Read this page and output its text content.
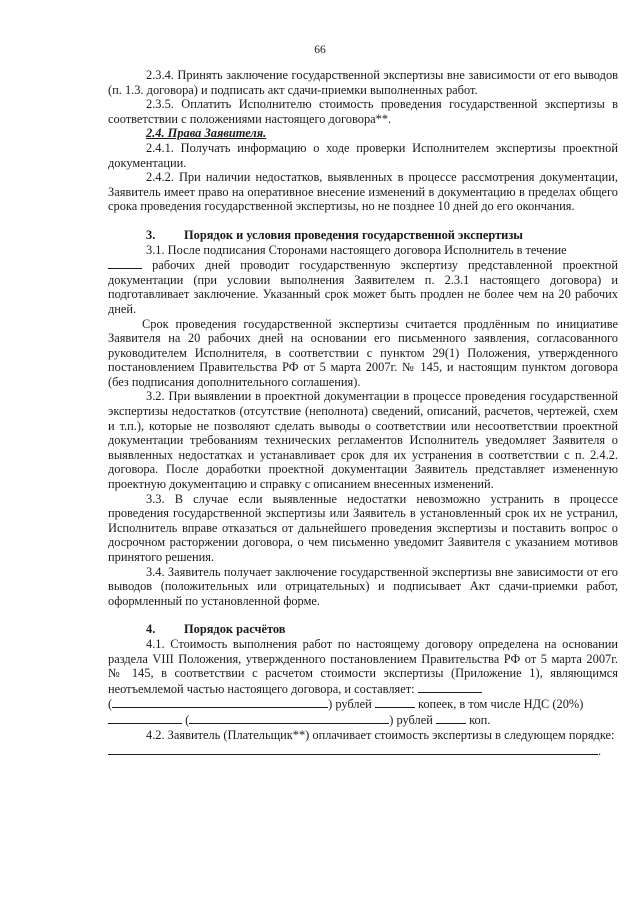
66

2.3.4. Принять заключение государственной экспертизы вне зависимости от его выводов (п. 1.3. договора) и подписать акт сдачи-приемки выполненных работ.

2.3.5. Оплатить Исполнителю стоимость проведения государственной экспертизы в соответствии с положениями настоящего договора**.

2.4. Права Заявителя.

2.4.1. Получать информацию о ходе проверки Исполнителем экспертизы проектной документации.

2.4.2. При наличии недостатков, выявленных в процессе рассмотрения документации, Заявитель имеет право на оперативное внесение изменений в документацию в пределах общего срока проведения государственной экспертизы, но не позднее 10 дней до его окончания.

3.	Порядок и условия проведения государственной экспертизы

3.1. После подписания Сторонами настоящего договора Исполнитель в течение

рабочих дней проводит государственную экспертизу представленной проектной документации (при условии выполнения Заявителем п. 2.3.1 настоящего договора) и подготавливает заключение. Указанный срок может быть продлен не более чем на 20 рабочих дней.

Срок проведения государственной экспертизы считается продлённым по инициативе Заявителя на 20 рабочих дней на основании его письменного заявления, согласованного руководителем Исполнителя, в соответствии с пунктом 29(1) Положения, утвержденного постановлением Правительства РФ от 5 марта 2007г. № 145, и настоящим пунктом договора (без подписания дополнительного соглашения).

3.2. При выявлении в проектной документации в процессе проведения государственной экспертизы недостатков (отсутствие (неполнота) сведений, описаний, расчетов, чертежей, схем и т.п.), которые не позволяют сделать выводы о соответствии или несоответствии проектной документации требованиям технических регламентов Исполнитель уведомляет Заявителя о выявленных недостатках и устанавливает срок для их устранения в соответствии с п. 2.4.2. договора. После доработки проектной документации Заявитель представляет измененную проектную документацию и справку с описанием внесенных изменений.

3.3. В случае если выявленные недостатки невозможно устранить в процессе проведения государственной экспертизы или Заявитель в установленный срок их не устранил, Исполнитель вправе отказаться от дальнейшего проведения экспертизы и поставить вопрос о досрочном расторжении договора, о чем письменно уведомит Заявителя с указанием мотивов принятого решения.

3.4. Заявитель получает заключение государственной экспертизы вне зависимости от его выводов (положительных или отрицательных) и подписывает Акт сдачи-приемки работ, оформленный по установленной форме.

4.	Порядок расчётов

4.1. Стоимость выполнения работ по настоящему договору определена на основании раздела VIII Положения, утвержденного постановлением Правительства РФ от 5 марта 2007г. № 145, в соответствии с расчетом стоимости экспертизы (Приложение 1), являющимся неотъемлемой частью настоящего договора, и составляет:

(	) рублей	копеек, в том числе НДС (20%)

(	) рублей	коп.

4.2. Заявитель (Плательщик**) оплачивает стоимость экспертизы в следующем порядке:

.
